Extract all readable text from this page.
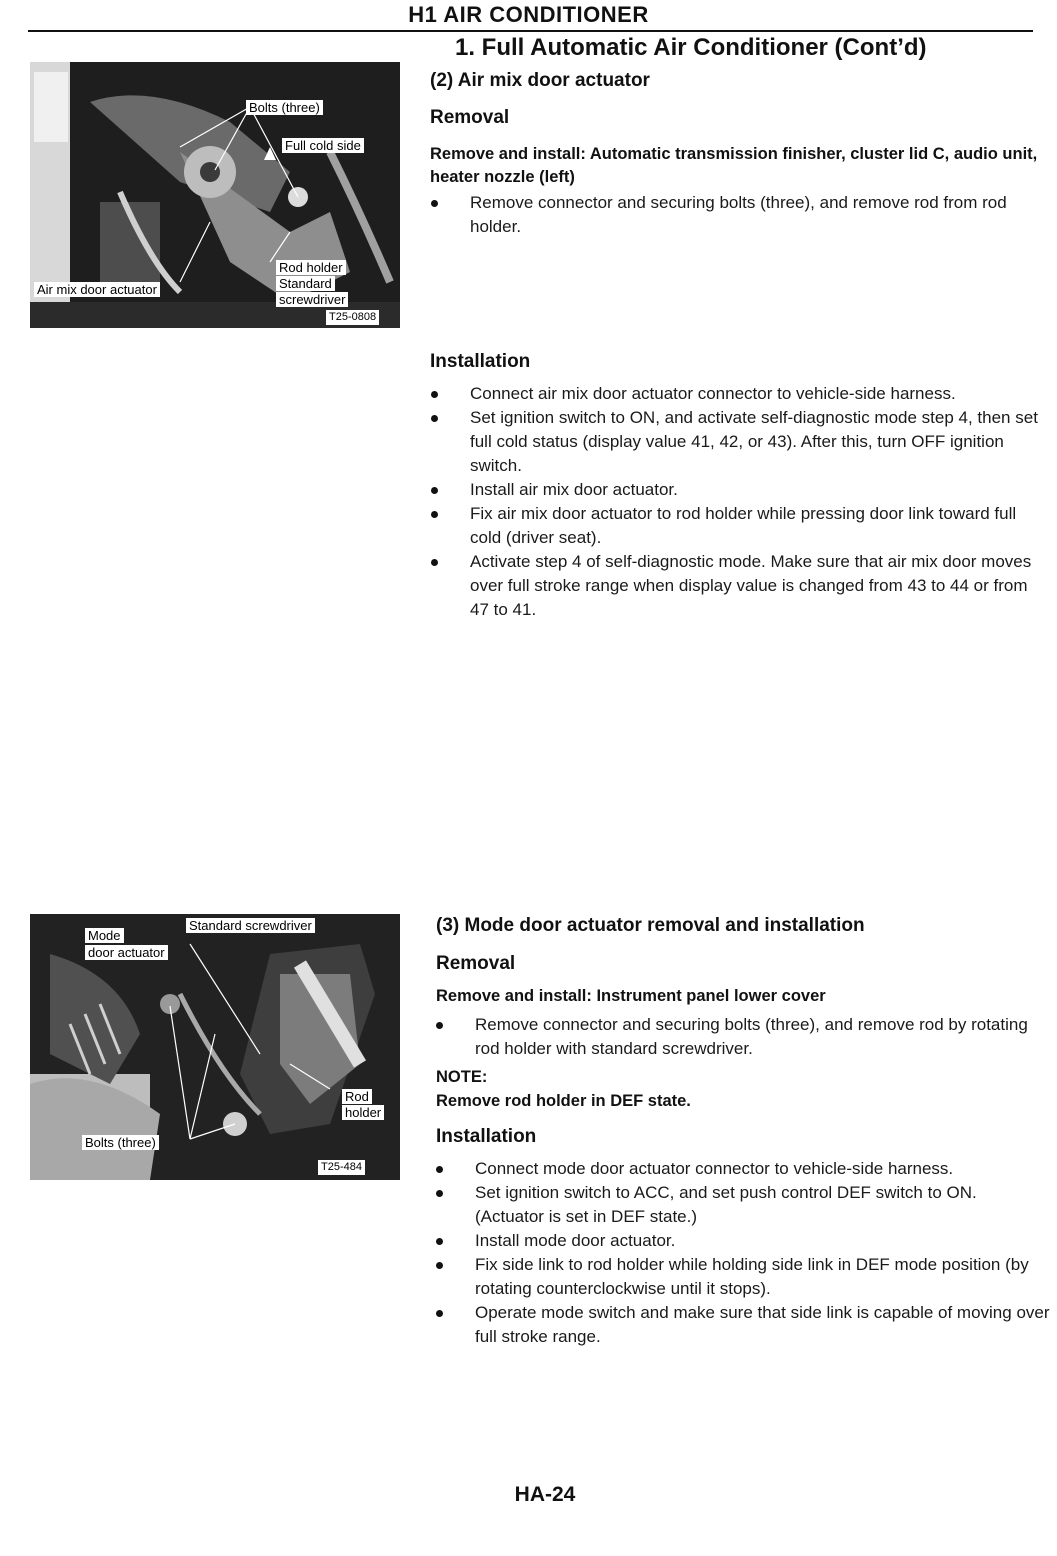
H1 AIR CONDITIONER
1. Full Automatic Air Conditioner (Cont’d)
Bolts (three)
Full cold side
Rod holder
Standard
screwdriver
Air mix door actuator
T25-0808
(2) Air mix door actuator
Removal
Remove and install: Automatic transmission finisher, cluster lid C, audio unit, heater nozzle (left)
Remove connector and securing bolts (three), and remove rod from rod holder.
Installation
Connect air mix door actuator connector to vehicle-side harness.
Set ignition switch to ON, and activate self-diagnostic mode step 4, then set full cold status (display value 41, 42, or 43). After this, turn OFF ignition switch.
Install air mix door actuator.
Fix air mix door actuator to rod holder while pressing door link toward full cold (driver seat).
Activate step 4 of self-diagnostic mode. Make sure that air mix door moves over full stroke range when display value is changed from 43 to 44 or from 47 to 41.
Mode
door actuator
Standard screwdriver
Rod
holder
Bolts (three)
T25-484
(3) Mode door actuator removal and installation
Removal
Remove and install: Instrument panel lower cover
Remove connector and securing bolts (three), and remove rod by rotating rod holder with standard screwdriver.
NOTE:
Remove rod holder in DEF state.
Installation
Connect mode door actuator connector to vehicle-side harness.
Set ignition switch to ACC, and set push control DEF switch to ON. (Actuator is set in DEF state.)
Install mode door actuator.
Fix side link to rod holder while holding side link in DEF mode position (by rotating counterclockwise until it stops).
Operate mode switch and make sure that side link is capable of moving over full stroke range.
HA-24
